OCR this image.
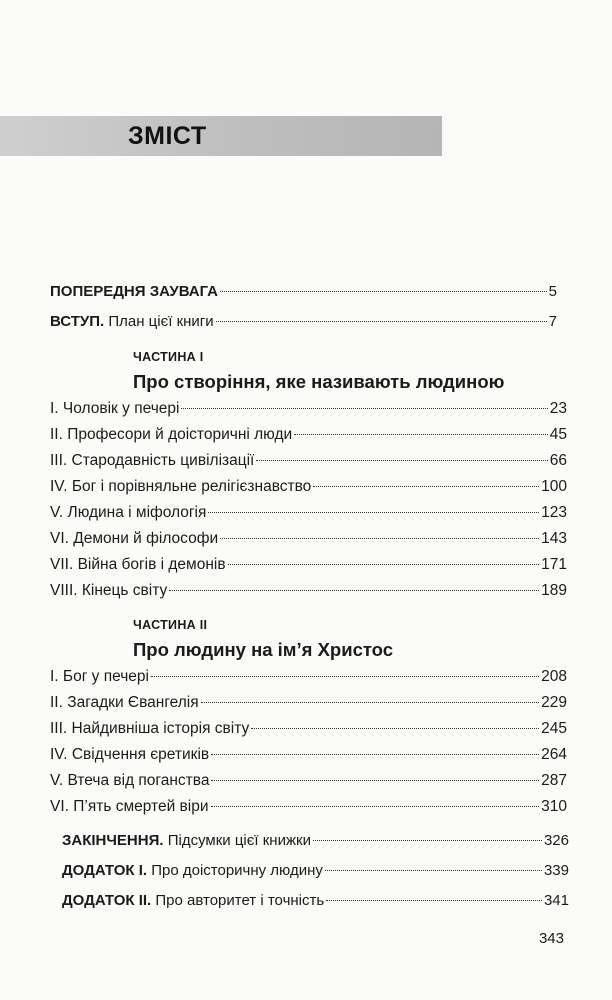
ЗМІСТ
ПОПЕРЕДНЯ ЗАУВАГА	5
ВСТУП. План цієї книги	7
ЧАСТИНА І
Про створіння, яке називають людиною
І. Чоловік у печері	23
ІІ. Професори й доісторичні люди	45
ІІІ. Стародавність цивілізації	66
IV. Бог і порівняльне релігієзнавство	100
V. Людина і міфологія	123
VI. Демони й філософи	143
VII. Війна богів і демонів	171
VIII. Кінець світу	189
ЧАСТИНА ІІ
Про людину на ім’я Христос
І. Бог у печері	208
ІІ. Загадки Євангелія	229
ІІІ. Найдивніша історія світу	245
IV. Свідчення єретиків	264
V. Втеча від поганства	287
VI. П’ять смертей віри	310
ЗАКІНЧЕННЯ. Підсумки цієї книжки	326
ДОДАТОК І. Про доісторичну людину	339
ДОДАТОК ІІ. Про авторитет і точність	341
343
